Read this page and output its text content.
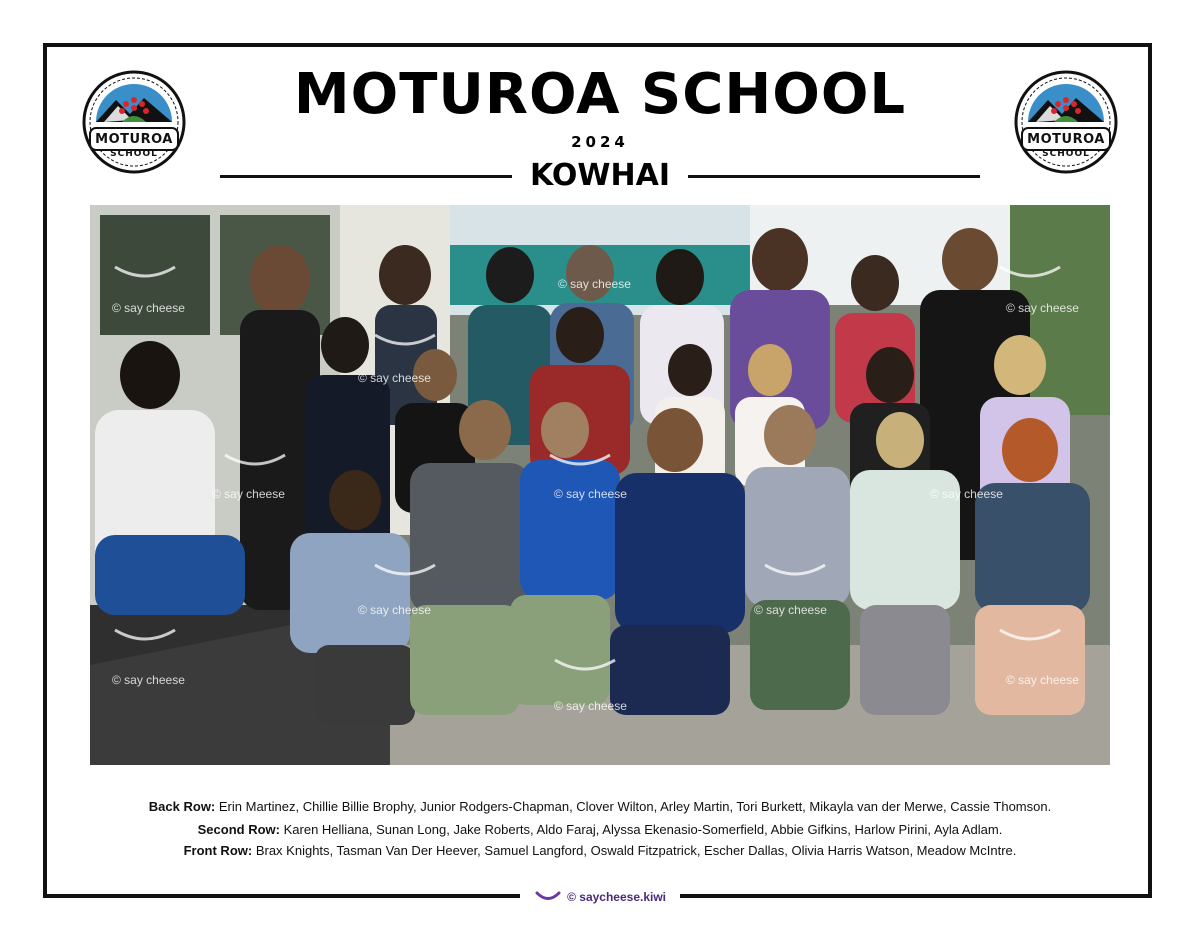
MOTUROA
SCHOOL
MOTUROA
SCHOOL
MOTUROA SCHOOL
2024
KOWHAI
© say cheese
© say cheese
© say cheese
© say cheese
© say cheese	© say cheese	© say cheese
© say cheese	© say cheese
© say cheese
© say cheese
© say cheese
Back Row: Erin Martinez, Chillie Billie Brophy, Junior Rodgers-Chapman, Clover Wilton, Arley Martin, Tori Burkett, Mikayla van der Merwe, Cassie Thomson.
Second Row: Karen Helliana, Sunan Long, Jake Roberts, Aldo Faraj, Alyssa Ekenasio-Somerfield, Abbie Gifkins, Harlow Pirini, Ayla Adlam.
Front Row: Brax Knights, Tasman Van Der Heever, Samuel Langford, Oswald Fitzpatrick, Escher Dallas, Olivia Harris Watson, Meadow McIntre.
© saycheese.kiwi
